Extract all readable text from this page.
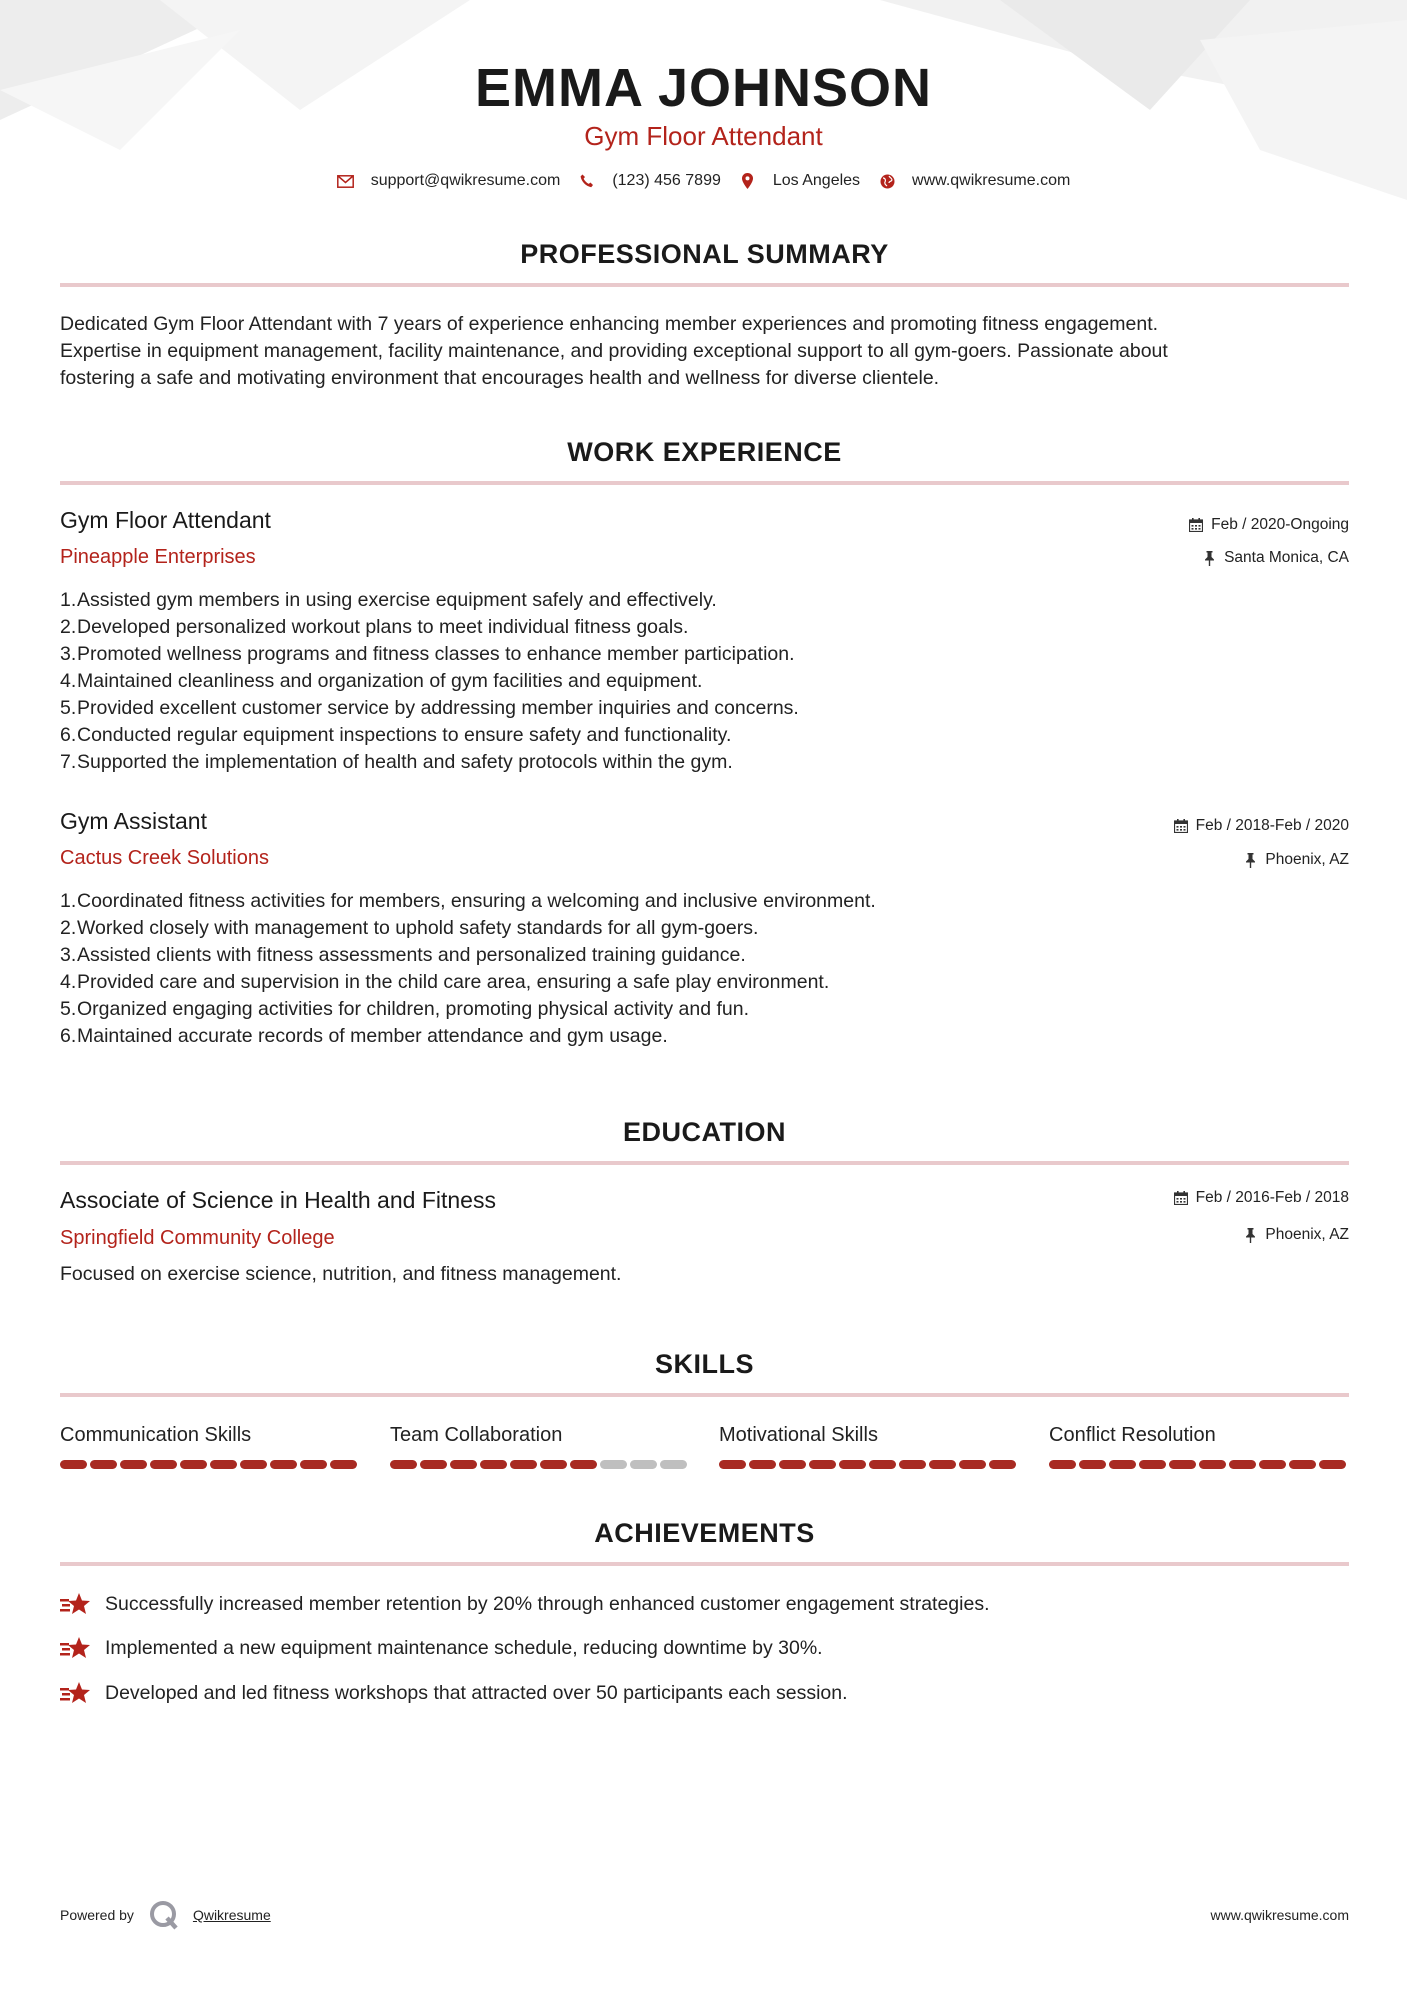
EMMA JOHNSON
Gym Floor Attendant
support@qwikresume.com	(123) 456 7899	Los Angeles	www.qwikresume.com
PROFESSIONAL SUMMARY
Dedicated Gym Floor Attendant with 7 years of experience enhancing member experiences and promoting fitness engagement.
Expertise in equipment management, facility maintenance, and providing exceptional support to all gym-goers. Passionate about
fostering a safe and motivating environment that encourages health and wellness for diverse clientele.
WORK EXPERIENCE
Gym Floor Attendant
Pineapple Enterprises
Feb / 2020-Ongoing
Santa Monica, CA
1.Assisted gym members in using exercise equipment safely and effectively.
2.Developed personalized workout plans to meet individual fitness goals.
3.Promoted wellness programs and fitness classes to enhance member participation.
4.Maintained cleanliness and organization of gym facilities and equipment.
5.Provided excellent customer service by addressing member inquiries and concerns.
6.Conducted regular equipment inspections to ensure safety and functionality.
7.Supported the implementation of health and safety protocols within the gym.
Gym Assistant
Cactus Creek Solutions
Feb / 2018-Feb / 2020
Phoenix, AZ
1.Coordinated fitness activities for members, ensuring a welcoming and inclusive environment.
2.Worked closely with management to uphold safety standards for all gym-goers.
3.Assisted clients with fitness assessments and personalized training guidance.
4.Provided care and supervision in the child care area, ensuring a safe play environment.
5.Organized engaging activities for children, promoting physical activity and fun.
6.Maintained accurate records of member attendance and gym usage.
EDUCATION
Associate of Science in Health and Fitness
Springfield Community College
Feb / 2016-Feb / 2018
Phoenix, AZ
Focused on exercise science, nutrition, and fitness management.
SKILLS
Communication Skills	Team Collaboration	Motivational Skills	Conflict Resolution
ACHIEVEMENTS
Successfully increased member retention by 20% through enhanced customer engagement strategies.
Implemented a new equipment maintenance schedule, reducing downtime by 30%.
Developed and led fitness workshops that attracted over 50 participants each session.
Powered by	Qwikresume	www.qwikresume.com
